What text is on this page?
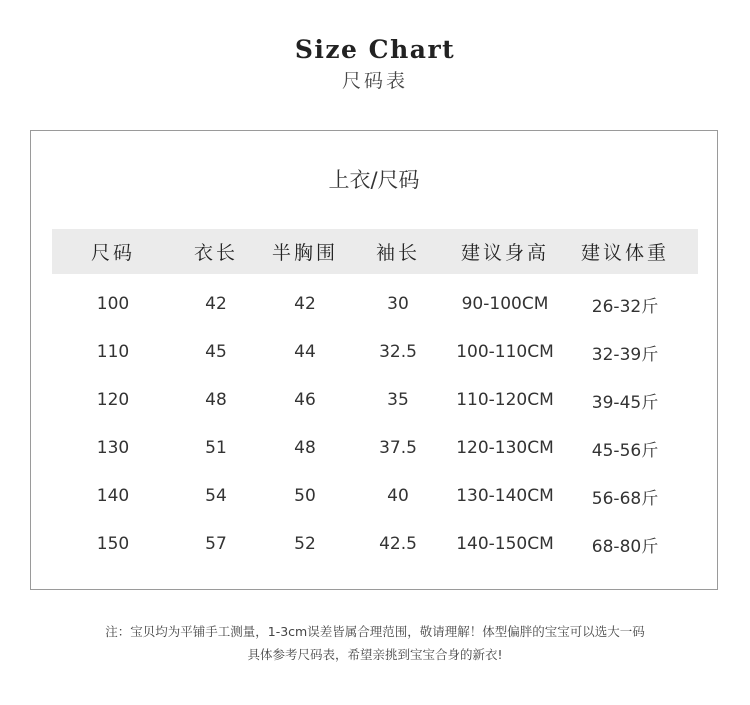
Size Chart
尺码表
上衣/尺码
尺码	衣长 半胸围 袖长 建议身高 建议体重
100	42	42	30	90-100CM	26-32斤
110	45	44	32.5 100-110CM 32-39斤
120	48	46	35	110-120CM 39-45斤
130	51	48	37.5 120-130CM 45-56斤
140	54	50	40	130-140CM 56-68斤
150	57	52	42.5 140-150CM 68-80斤
注：宝贝均为平铺手工测量，1-3cm误差皆属合理范围，敬请理解！体型偏胖的宝宝可以选大一码
具体参考尺码表，希望亲挑到宝宝合身的新衣!
